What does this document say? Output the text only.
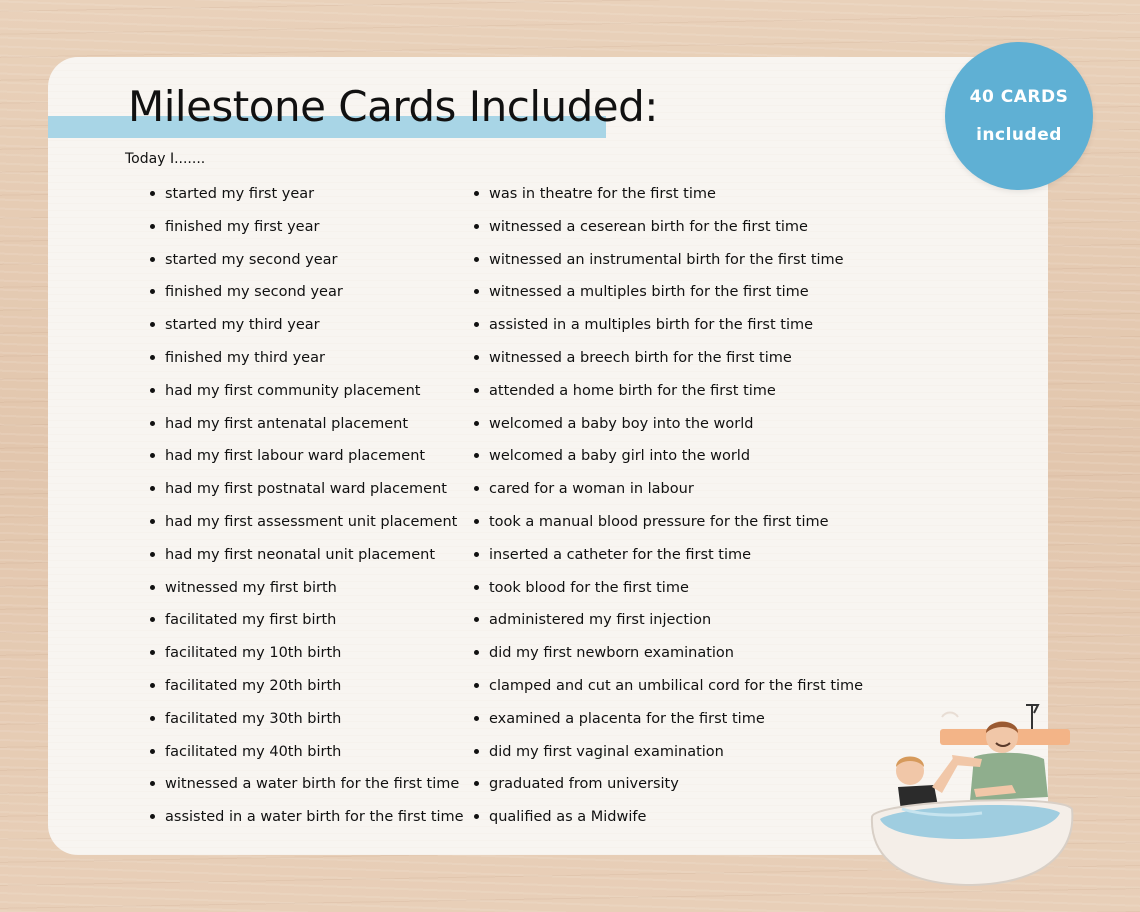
Milestone Cards Included:
Today I.......
started my first year
finished my first year
started my second year
finished my second year
started my third year
finished my third year
had my first community placement
had my first antenatal placement
had my first labour ward placement
had my first postnatal ward placement
had my first assessment unit placement
had my first neonatal unit placement
witnessed my first birth
facilitated my first birth
facilitated my 10th birth
facilitated my 20th birth
facilitated my 30th birth
facilitated my 40th birth
witnessed a water birth for the first time
assisted in a water birth for the first time
was in theatre for the first time
witnessed a ceserean birth for the first time
witnessed an instrumental birth for the first time
witnessed a multiples birth for the first time
assisted in a multiples birth for the first time
witnessed a breech birth for the first time
attended a home birth for the first time
welcomed a baby boy into the world
welcomed a baby girl into the world
cared for a woman in labour
took a manual blood pressure for the first time
inserted a catheter for the first time
took blood for the first time
administered my first injection
did my first newborn examination
clamped and cut an umbilical cord for the first time
examined a placenta for the first time
did my first vaginal examination
graduated from university
qualified as a Midwife
40 CARDS
included
